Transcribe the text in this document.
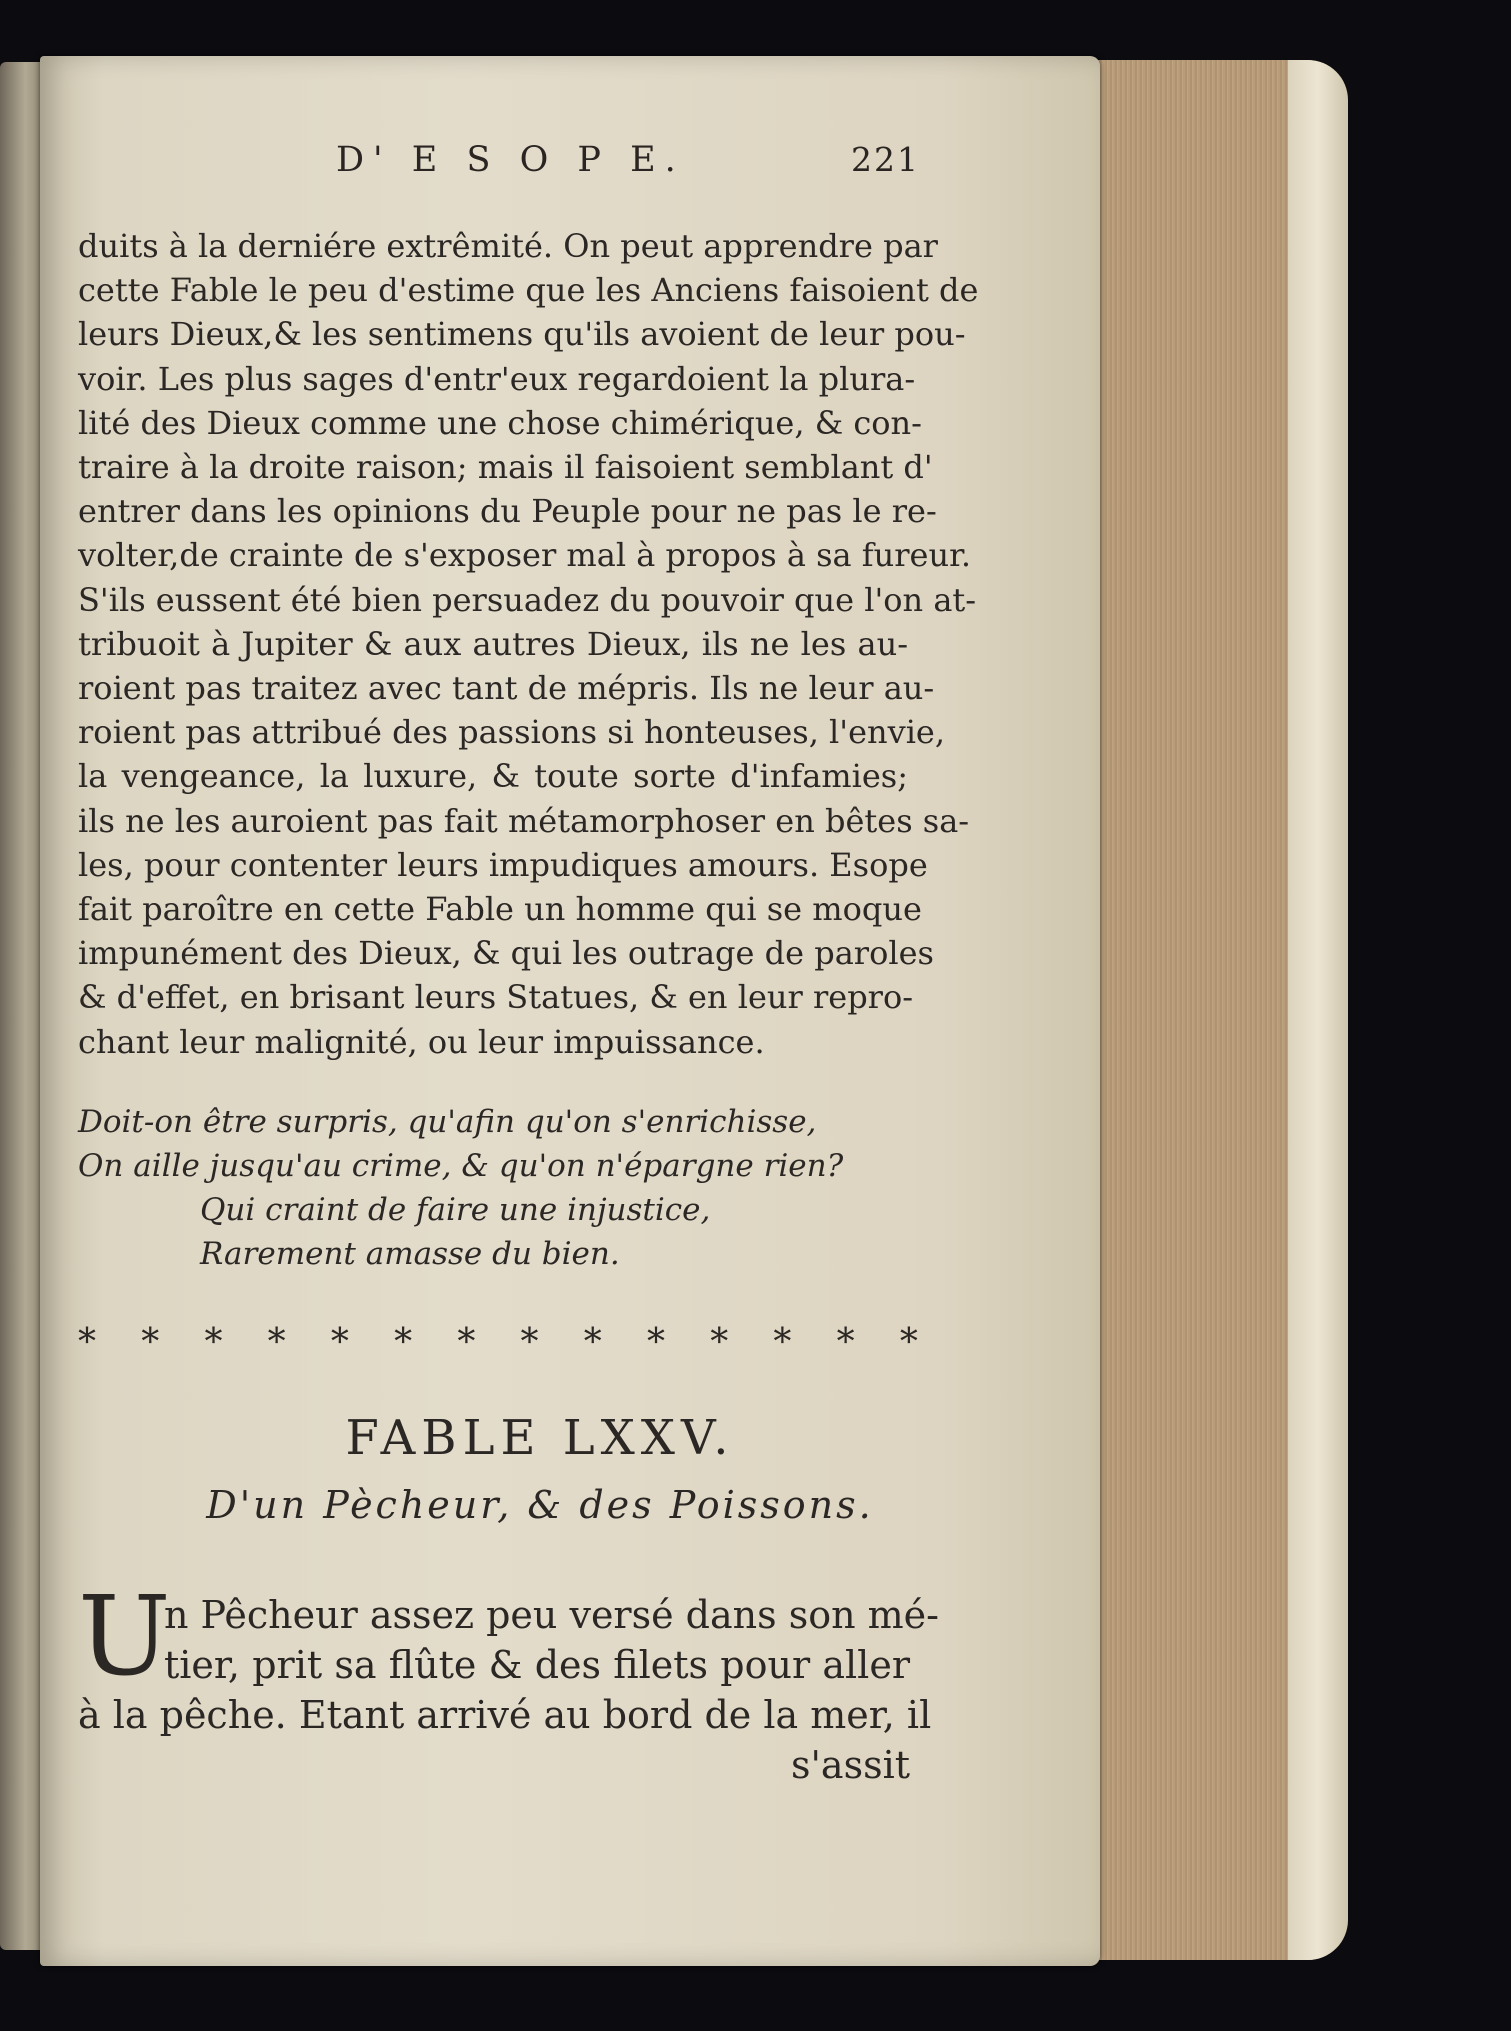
D' E S O P E.	221
duits à la derniére extrêmité. On peut apprendre par
cette Fable le peu d'estime que les Anciens faisoient de
leurs Dieux,& les sentimens qu'ils avoient de leur pou-
voir. Les plus sages d'entr'eux regardoient la plura-
lité des Dieux comme une chose chimérique, & con-
traire à la droite raison; mais il faisoient semblant d'
entrer dans les opinions du Peuple pour ne pas le re-
volter,de crainte de s'exposer mal à propos à sa fureur.
S'ils eussent été bien persuadez du pouvoir que l'on at-
tribuoit à Jupiter & aux autres Dieux, ils ne les au-
roient pas traitez avec tant de mépris. Ils ne leur au-
roient pas attribué des passions si honteuses, l'envie,
la vengeance, la luxure, & toute sorte d'infamies;
ils ne les auroient pas fait métamorphoser en bêtes sa-
les, pour contenter leurs impudiques amours. Esope
fait paroître en cette Fable un homme qui se moque
impunément des Dieux, & qui les outrage de paroles
& d'effet, en brisant leurs Statues, & en leur repro-
chant leur malignité, ou leur impuissance.
Doit-on être surpris, qu'afin qu'on s'enrichisse,
On aille jusqu'au crime, & qu'on n'épargne rien?
Qui craint de faire une injustice,
Rarement amasse du bien.
* * * * * * * * * * * * * *
FABLE LXXV.
D'un Pècheur, & des Poissons.
U
n Pêcheur assez peu versé dans son mé-
tier, prit sa flûte & des filets pour aller
à la pêche. Etant arrivé au bord de la mer, il
s'assit
